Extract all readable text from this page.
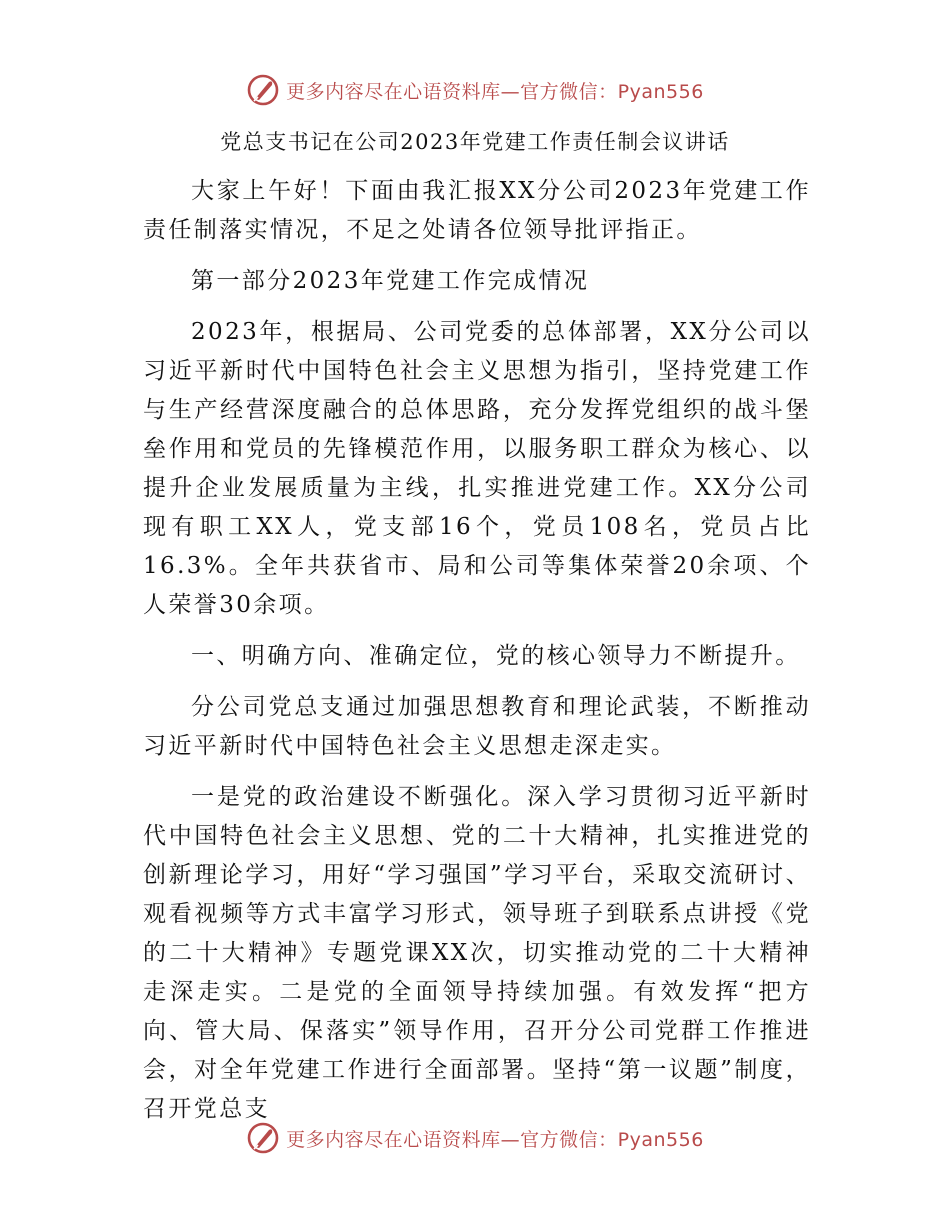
更多内容尽在心语资料库—官方微信：Pyan556
党总支书记在公司2023年党建工作责任制会议讲话

大家上午好！下面由我汇报XX分公司2023年党建工作责任制落实情况，不足之处请各位领导批评指正。

第一部分2023年党建工作完成情况

2023年，根据局、公司党委的总体部署，XX分公司以习近平新时代中国特色社会主义思想为指引，坚持党建工作与生产经营深度融合的总体思路，充分发挥党组织的战斗堡垒作用和党员的先锋模范作用，以服务职工群众为核心、以提升企业发展质量为主线，扎实推进党建工作。XX分公司现有职工XX人，党支部16个，党员108名，党员占比16.3%。全年共获省市、局和公司等集体荣誉20余项、个人荣誉30余项。

一、明确方向、准确定位，党的核心领导力不断提升。

分公司党总支通过加强思想教育和理论武装，不断推动习近平新时代中国特色社会主义思想走深走实。

一是党的政治建设不断强化。深入学习贯彻习近平新时代中国特色社会主义思想、党的二十大精神，扎实推进党的创新理论学习，用好“学习强国”学习平台，采取交流研讨、观看视频等方式丰富学习形式，领导班子到联系点讲授《党的二十大精神》专题党课XX次，切实推动党的二十大精神走深走实。二是党的全面领导持续加强。有效发挥“把方向、管大局、保落实”领导作用，召开分公司党群工作推进会，对全年党建工作进行全面部署。坚持“第一议题”制度，召开党总支

更多内容尽在心语资料库—官方微信：Pyan556
